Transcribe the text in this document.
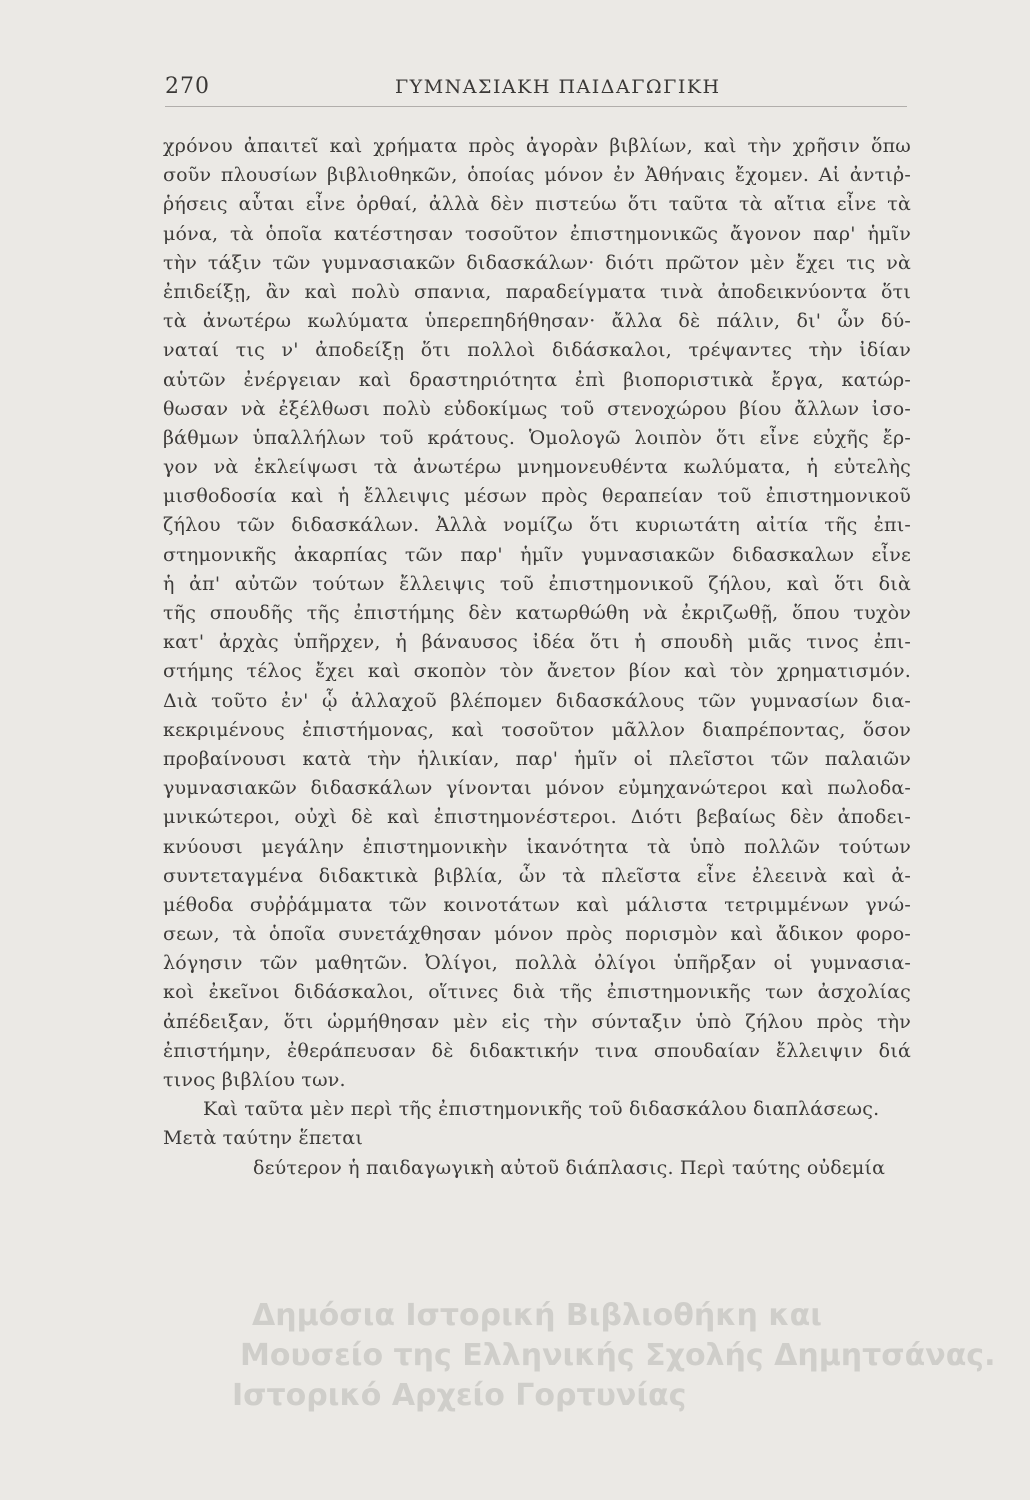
270	ΓΥΜΝΑΣΙΑΚΗ ΠΑΙΔΑΓΩΓΙΚΗ
χρόνου ἀπαιτεῖ καὶ χρήματα πρὸς ἀγορὰν βιβλίων, καὶ τὴν χρῆσιν ὅπω
σοῦν πλουσίων βιβλιοθηκῶν, ὁποίας μόνον ἐν Ἀθήναις ἔχομεν. Αἱ ἀντιῤ-
ῥήσεις αὗται εἶνε ὀρθαί, ἀλλὰ δὲν πιστεύω ὅτι ταῦτα τὰ αἴτια εἶνε τὰ
μόνα, τὰ ὁποῖα κατέστησαν τοσοῦτον ἐπιστημονικῶς ἄγονον παρ' ἡμῖν
τὴν τάξιν τῶν γυμνασιακῶν διδασκάλων· διότι πρῶτον μὲν ἔχει τις νὰ
ἐπιδείξῃ, ἂν καὶ πολὺ σπανια, παραδείγματα τινὰ ἀποδεικνύοντα ὅτι
τὰ ἀνωτέρω κωλύματα ὑπερεπηδήθησαν· ἄλλα δὲ πάλιν, δι' ὧν δύ-
ναταί τις ν' ἀποδείξῃ ὅτι πολλοὶ διδάσκαλοι, τρέψαντες τὴν ἰδίαν
αὑτῶν ἐνέργειαν καὶ δραστηριότητα ἐπὶ βιοποριστικὰ ἔργα, κατώρ-
θωσαν νὰ ἐξέλθωσι πολὺ εὐδοκίμως τοῦ στενοχώρου βίου ἄλλων ἰσο-
βάθμων ὑπαλλήλων τοῦ κράτους. Ὁμολογῶ λοιπὸν ὅτι εἶνε εὐχῆς ἔρ-
γον νὰ ἐκλείψωσι τὰ ἀνωτέρω μνημονευθέντα κωλύματα, ἡ εὐτελὴς
μισθοδοσία καὶ ἡ ἔλλειψις μέσων πρὸς θεραπείαν τοῦ ἐπιστημονικοῦ
ζήλου τῶν διδασκάλων. Ἀλλὰ νομίζω ὅτι κυριωτάτη αἰτία τῆς ἐπι-
στημονικῆς ἀκαρπίας τῶν παρ' ἡμῖν γυμνασιακῶν διδασκαλων εἶνε
ἡ ἀπ' αὐτῶν τούτων ἔλλειψις τοῦ ἐπιστημονικοῦ ζήλου, καὶ ὅτι διὰ
τῆς σπουδῆς τῆς ἐπιστήμης δὲν κατωρθώθη νὰ ἐκριζωθῇ, ὅπου τυχὸν
κατ' ἀρχὰς ὑπῆρχεν, ἡ βάναυσος ἰδέα ὅτι ἡ σπουδὴ μιᾶς τινος ἐπι-
στήμης τέλος ἔχει καὶ σκοπὸν τὸν ἄνετον βίον καὶ τὸν χρηματισμόν.
Διὰ τοῦτο ἐν' ᾧ ἀλλαχοῦ βλέπομεν διδασκάλους τῶν γυμνασίων δια-
κεκριμένους ἐπιστήμονας, καὶ τοσοῦτον μᾶλλον διαπρέποντας, ὅσον
προβαίνουσι κατὰ τὴν ἡλικίαν, παρ' ἡμῖν οἱ πλεῖστοι τῶν παλαιῶν
γυμνασιακῶν διδασκάλων γίνονται μόνον εὐμηχανώτεροι καὶ πωλοδα-
μνικώτεροι, οὐχὶ δὲ καὶ ἐπιστημονέστεροι. Διότι βεβαίως δὲν ἀποδει-
κνύουσι μεγάλην ἐπιστημονικὴν ἱκανότητα τὰ ὑπὸ πολλῶν τούτων
συντεταγμένα διδακτικὰ βιβλία, ὧν τὰ πλεῖστα εἶνε ἐλεεινὰ καὶ ἀ-
μέθοδα συῤῥάμματα τῶν κοινοτάτων καὶ μάλιστα τετριμμένων γνώ-
σεων, τὰ ὁποῖα συνετάχθησαν μόνον πρὸς πορισμὸν καὶ ἄδικον φορο-
λόγησιν τῶν μαθητῶν. Ὀλίγοι, πολλὰ ὀλίγοι ὑπῆρξαν οἱ γυμνασια-
κοὶ ἐκεῖνοι διδάσκαλοι, οἵτινες διὰ τῆς ἐπιστημονικῆς των ἀσχολίας
ἀπέδειξαν, ὅτι ὡρμήθησαν μὲν εἰς τὴν σύνταξιν ὑπὸ ζήλου πρὸς τὴν
ἐπιστήμην, ἐθεράπευσαν δὲ διδακτικήν τινα σπουδαίαν ἔλλειψιν διά
τινος βιβλίου των.
Καὶ ταῦτα μὲν περὶ τῆς ἐπιστημονικῆς τοῦ διδασκάλου διαπλάσεως.
Μετὰ ταύτην ἕπεται
δεύτερον ἡ παιδαγωγικὴ αὐτοῦ διάπλασις. Περὶ ταύτης οὐδεμία
Δημόσια Ιστορική Βιβλιοθήκη και
Μουσείο της Ελληνικής Σχολής Δημητσάνας.
Ιστορικό Αρχείο Γορτυνίας
